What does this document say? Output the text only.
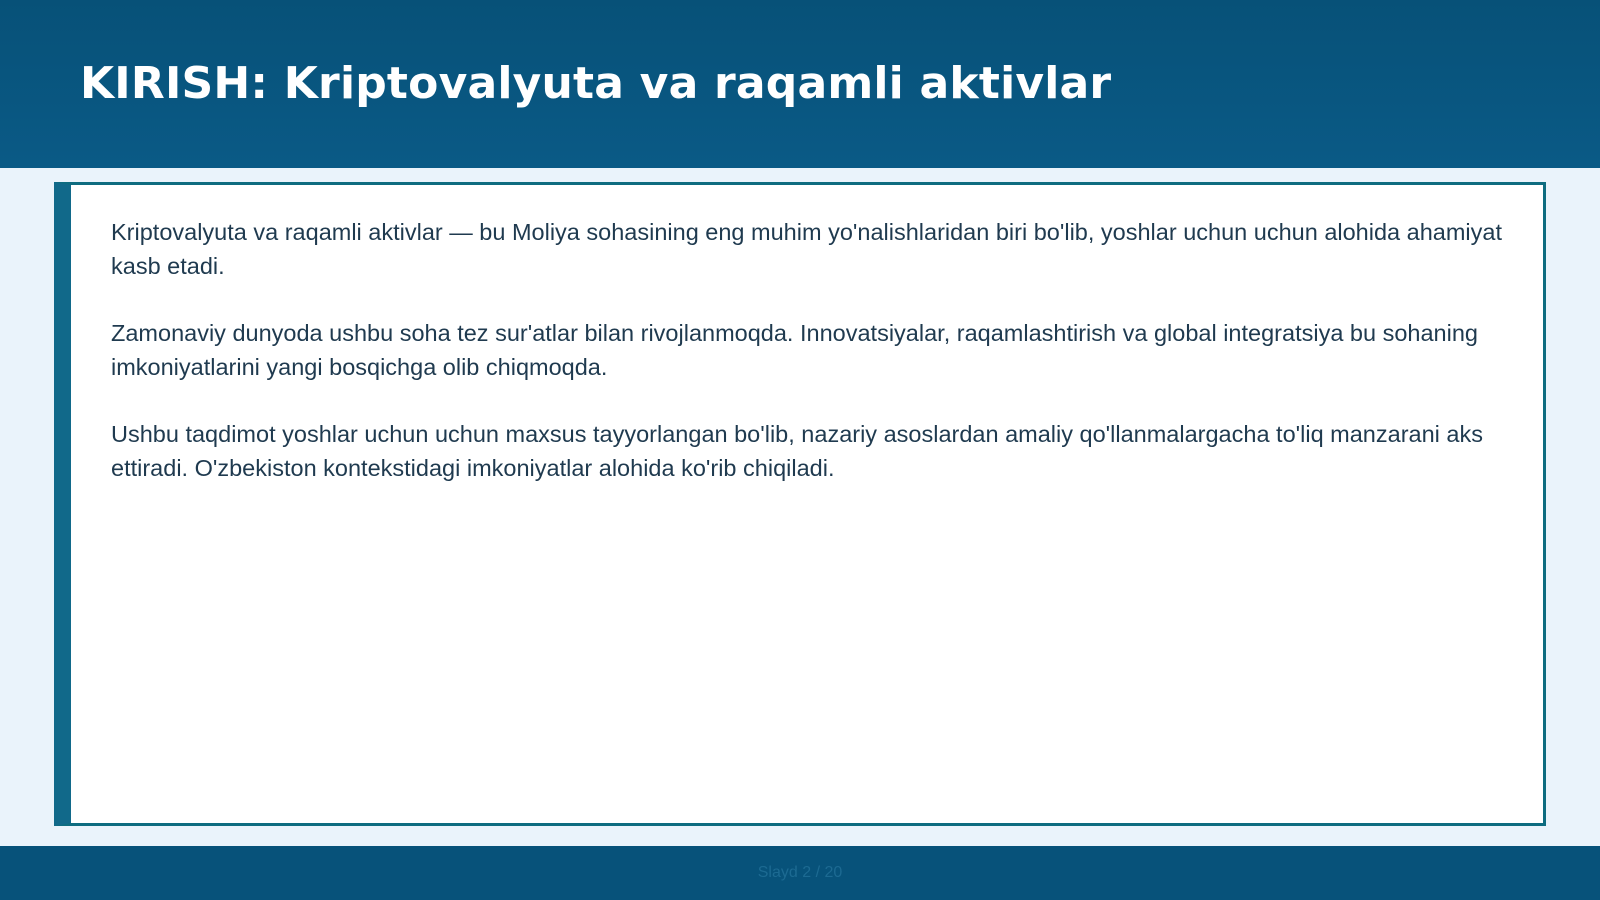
KIRISH: Kriptovalyuta va raqamli aktivlar

Kriptovalyuta va raqamli aktivlar — bu Moliya sohasining eng muhim yo'nalishlaridan biri bo'lib, yoshlar uchun uchun alohida ahamiyat kasb etadi.

Zamonaviy dunyoda ushbu soha tez sur'atlar bilan rivojlanmoqda. Innovatsiyalar, raqamlashtirish va global integratsiya bu sohaning imkoniyatlarini yangi bosqichga olib chiqmoqda.

Ushbu taqdimot yoshlar uchun uchun maxsus tayyorlangan bo'lib, nazariy asoslardan amaliy qo'llanmalargacha to'liq manzarani aks ettiradi. O'zbekiston kontekstidagi imkoniyatlar alohida ko'rib chiqiladi.

Slayd 2 / 20
